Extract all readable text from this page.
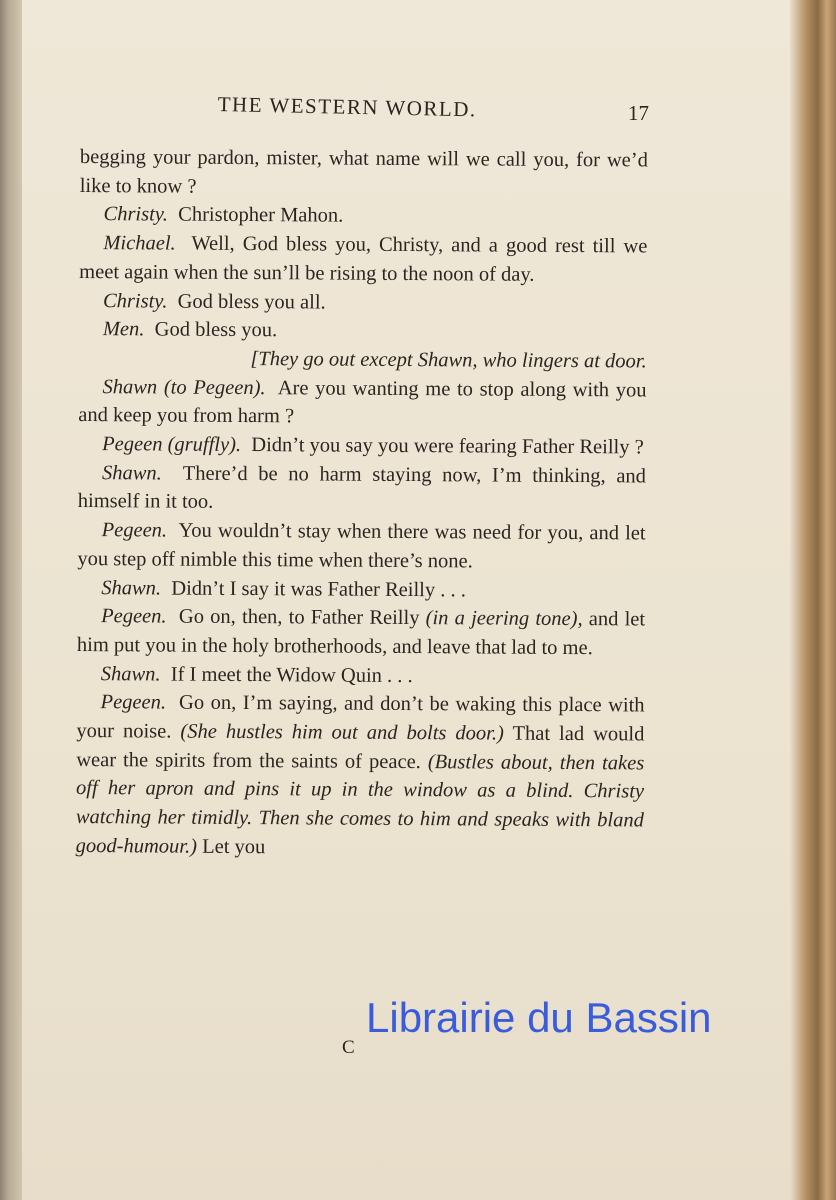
THE WESTERN WORLD.	17

begging your pardon, mister, what name will we call you, for we’d like to know ?

Christy. Christopher Mahon.

Michael. Well, God bless you, Christy, and a good rest till we meet again when the sun’ll be rising to the noon of day.

Christy. God bless you all.

Men. God bless you.

[They go out except Shawn, who lingers at door.

Shawn (to Pegeen). Are you wanting me to stop along with you and keep you from harm ?

Pegeen (gruffly). Didn’t you say you were fearing Father Reilly ?

Shawn. There’d be no harm staying now, I’m thinking, and himself in it too.

Pegeen. You wouldn’t stay when there was need for you, and let you step off nimble this time when there’s none.

Shawn. Didn’t I say it was Father Reilly . . .

Pegeen. Go on, then, to Father Reilly (in a jeering tone), and let him put you in the holy brotherhoods, and leave that lad to me.

Shawn. If I meet the Widow Quin . . .

Pegeen. Go on, I’m saying, and don’t be waking this place with your noise. (She hustles him out and bolts door.) That lad would wear the spirits from the saints of peace. (Bustles about, then takes off her apron and pins it up in the window as a blind. Christy watching her timidly. Then she comes to him and speaks with bland good-humour.) Let you

C
Librairie du Bassin
